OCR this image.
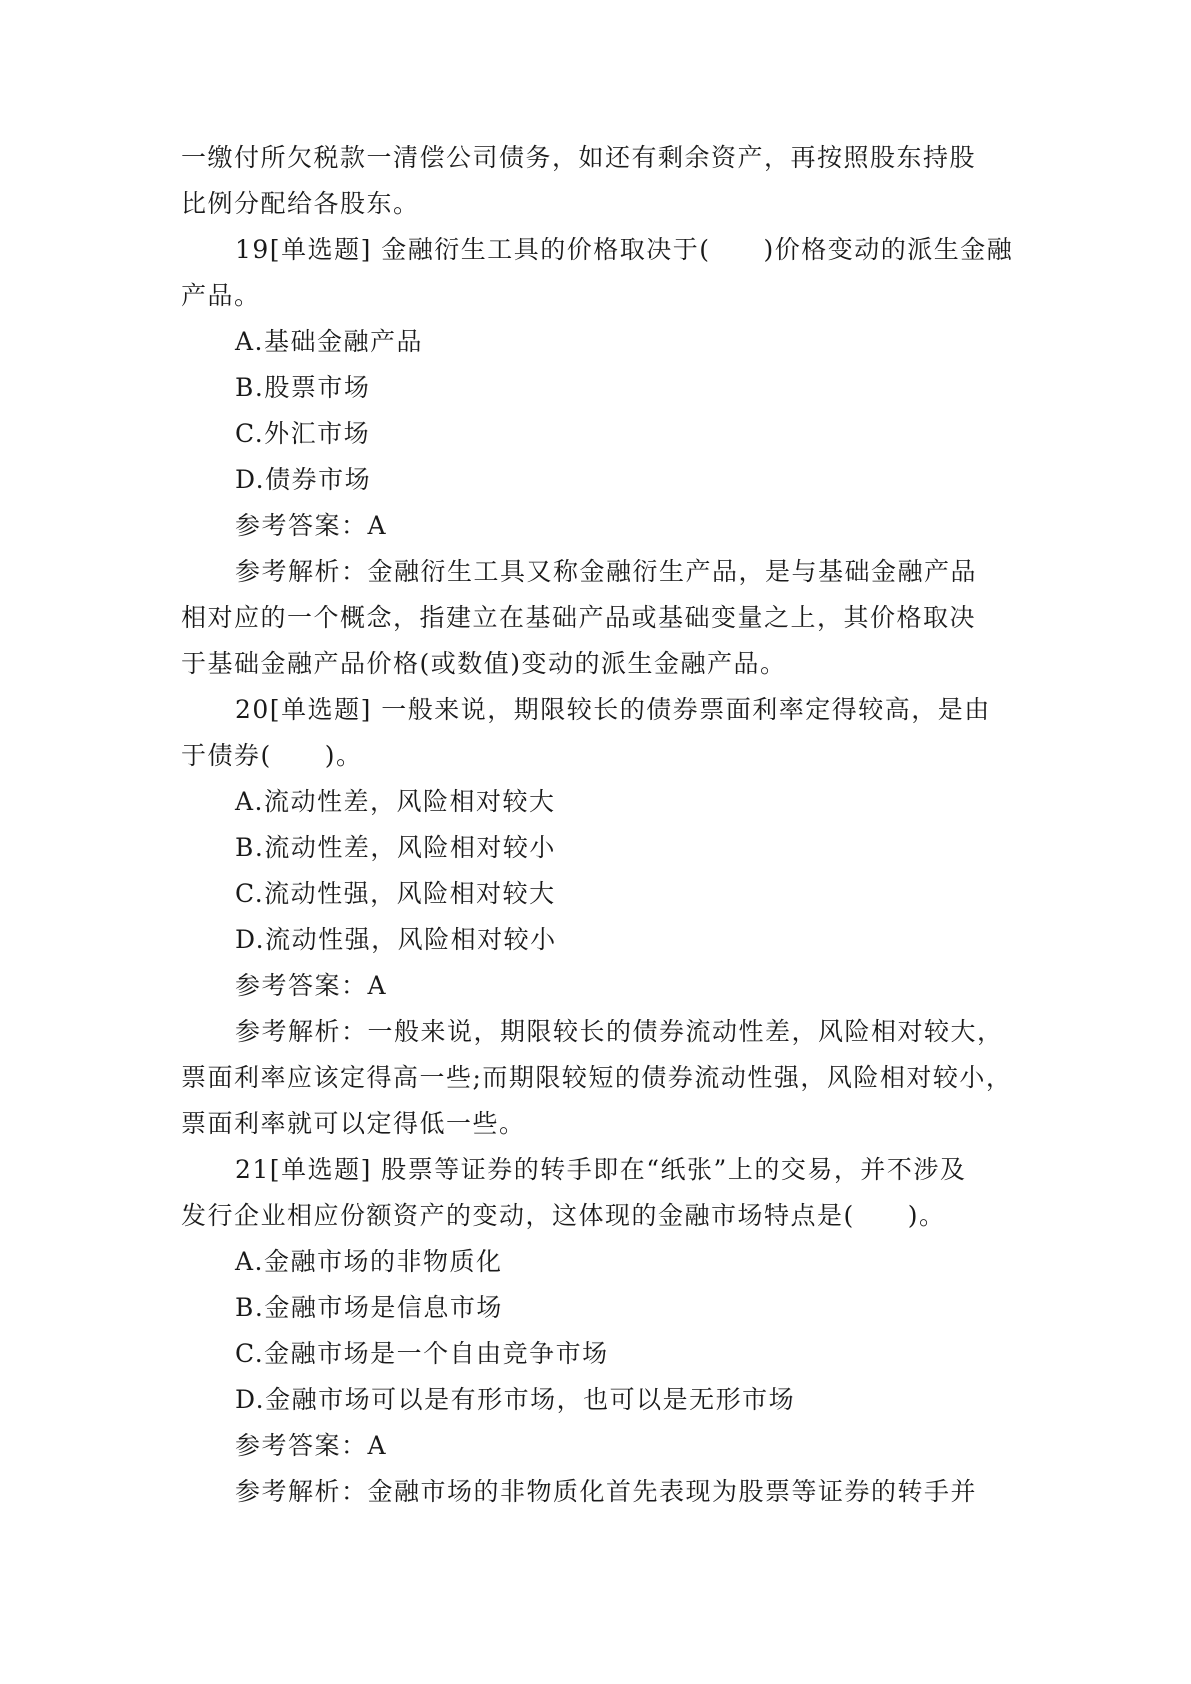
一缴付所欠税款一清偿公司债务，如还有剩余资产，再按照股东持股
比例分配给各股东。
19[单选题] 金融衍生工具的价格取决于(　　)价格变动的派生金融
产品。
A.基础金融产品
B.股票市场
C.外汇市场
D.债券市场
参考答案：A
参考解析：金融衍生工具又称金融衍生产品，是与基础金融产品
相对应的一个概念，指建立在基础产品或基础变量之上，其价格取决
于基础金融产品价格(或数值)变动的派生金融产品。
20[单选题] 一般来说，期限较长的债券票面利率定得较高，是由
于债券(　　)。
A.流动性差，风险相对较大
B.流动性差，风险相对较小
C.流动性强，风险相对较大
D.流动性强，风险相对较小
参考答案：A
参考解析：一般来说，期限较长的债券流动性差，风险相对较大，
票面利率应该定得高一些;而期限较短的债券流动性强，风险相对较小，
票面利率就可以定得低一些。
21[单选题] 股票等证券的转手即在“纸张”上的交易，并不涉及
发行企业相应份额资产的变动，这体现的金融市场特点是(　　)。
A.金融市场的非物质化
B.金融市场是信息市场
C.金融市场是一个自由竞争市场
D.金融市场可以是有形市场，也可以是无形市场
参考答案：A
参考解析：金融市场的非物质化首先表现为股票等证券的转手并
